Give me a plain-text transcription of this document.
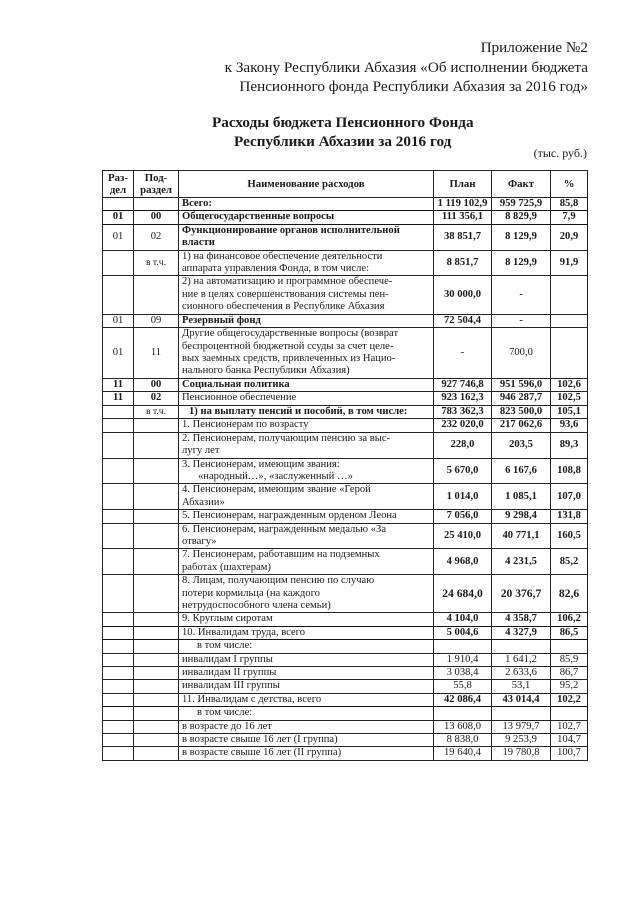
Приложение №2
к Закону Республики Абхазия «Об исполнении бюджета
Пенсионного фонда Республики Абхазия за 2016 год»
Расходы бюджета Пенсионного Фонда
Республики Абхазии за 2016 год
(тыс. руб.)
Раз-
дел	Под-
раздел	Наименование расходов	План	Факт	%
		Всего:	1 119 102,9	959 725,9	85,8
01	00	Общегосударственные вопросы	111 356,1	8 829,9	7,9
01	02	Функционирование органов исполнительной
власти	38 851,7	8 129,9	20,9
	в т.ч.	1) на финансовое обеспечение деятельности
аппарата управления Фонда, в том числе:	8 851,7	8 129,9	91,9
		2) на автоматизацию и программное обеспече-
ние в целях совершенствования системы пен-
сионного обеспечения в Республике Абхазия	30 000,0	-	
01	09	Резервный фонд	72 504,4	-	
01	11	Другие общегосударственные вопросы (возврат
беспроцентной бюджетной ссуды за счет целе-
вых заемных средств, привлеченных из Нацио-
нального банка Республики Абхазия)	-	700,0	
11	00	Социальная политика	927 746,8	951 596,0	102,6
11	02	Пенсионное обеспечение	923 162,3	946 287,7	102,5
	в т.ч.	1) на выплату пенсий и пособий, в том числе:	783 362,3	823 500,0	105,1
		1. Пенсионерам по возрасту	232 020,0	217 062,6	93,6
		2. Пенсионерам, получающим пенсию за выс-
лугу лет	228,0	203,5	89,3
		3. Пенсионерам, имеющим звания:
«народный…», «заслуженный …»	5 670,0	6 167,6	108,8
		4. Пенсионерам, имеющим звание «Герой
Абхазии»	1 014,0	1 085,1	107,0
		5. Пенсионерам, награжденным орденом Леона	7 056,0	9 298,4	131,8
		6. Пенсионерам, награжденным медалью «За
отвагу»	25 410,0	40 771,1	160,5
		7. Пенсионерам, работавшим на подземных
работах (шахтерам)	4 968,0	4 231,5	85,2
		8. Лицам, получающим пенсию по случаю
потери кормильца (на каждого
нетрудоспособного члена семьи)	24 684,0	20 376,7	82,6
		9. Круглым сиротам	4 104,0	4 358,7	106,2
		10. Инвалидам труда, всего	5 004,6	4 327,9	86,5
		в том числе:			
		инвалидам I группы	1 910,4	1 641,2	85,9
		инвалидам II группы	3 038,4	2 633,6	86,7
		инвалидам III группы	55,8	53,1	95,2
		11. Инвалидам с детства, всего	42 086,4	43 014,4	102,2
		в том числе:			
		в возрасте до 16 лет	13 608,0	13 979,7	102,7
		в возрасте свыше 16 лет (I группа)	8 838,0	9 253,9	104,7
		в возрасте свыше 16 лет (II группа)	19 640,4	19 780,8	100,7
